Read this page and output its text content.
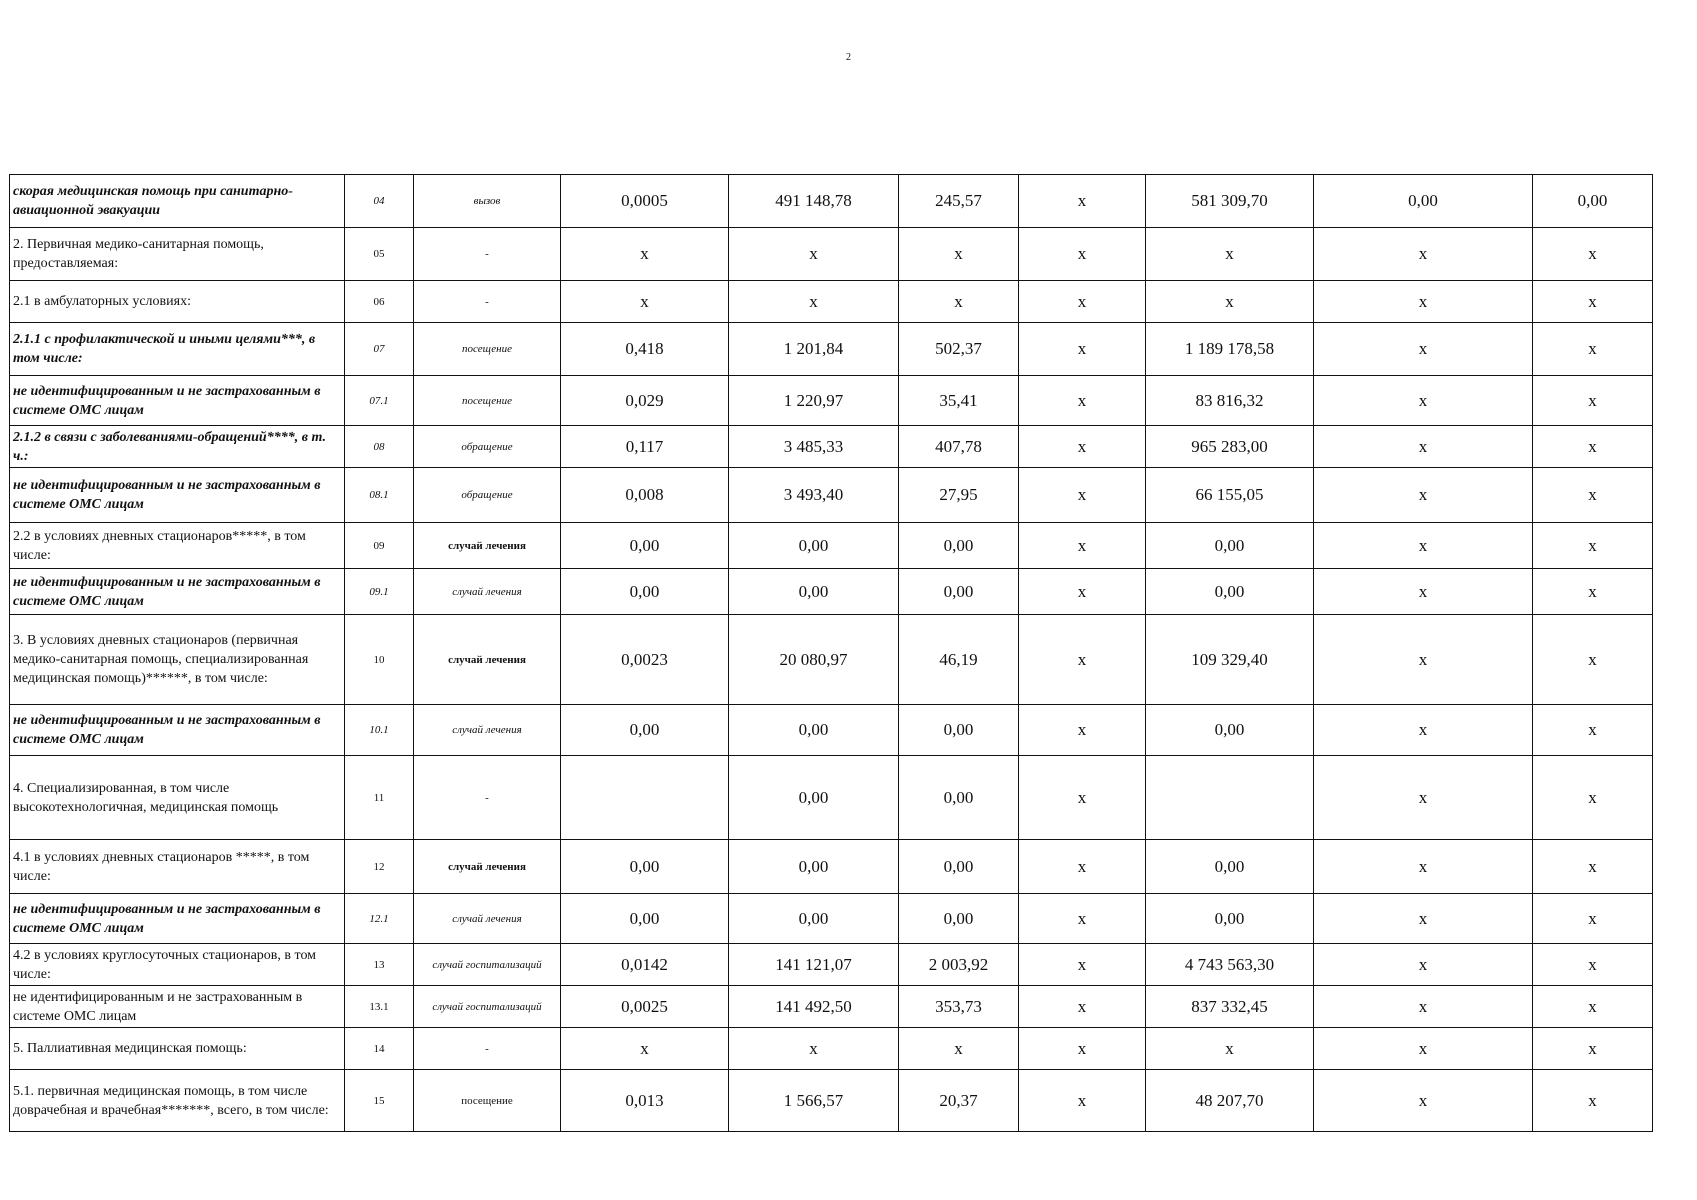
2
скорая медицинская помощь при санитарно-авиационной эвакуации	04	вызов	0,0005	491 148,78	245,57	х	581 309,70	0,00	0,00
2. Первичная медико-санитарная помощь, предоставляемая:	05	-	х	х	х	х	х	х	х
2.1 в амбулаторных условиях:	06	-	х	х	х	х	х	х	х
2.1.1 с профилактической и иными целями***, в том числе:	07	посещение	0,418	1 201,84	502,37	х	1 189 178,58	х	х
не идентифицированным и не застрахованным в системе ОМС лицам	07.1	посещение	0,029	1 220,97	35,41	х	83 816,32	х	х
2.1.2 в связи с заболеваниями-обращений****, в т. ч.:	08	обращение	0,117	3 485,33	407,78	х	965 283,00	х	х
не идентифицированным и не застрахованным в системе ОМС лицам	08.1	обращение	0,008	3 493,40	27,95	х	66 155,05	х	х
2.2 в условиях дневных стационаров*****, в том числе:	09	случай лечения	0,00	0,00	0,00	х	0,00	х	х
не идентифицированным и не застрахованным в системе ОМС лицам	09.1	случай лечения	0,00	0,00	0,00	х	0,00	х	х
3. В условиях дневных стационаров (первичная медико-санитарная помощь, специализированная медицинская помощь)******, в том числе:	10	случай лечения	0,0023	20 080,97	46,19	х	109 329,40	х	х
не идентифицированным и не застрахованным в системе ОМС лицам	10.1	случай лечения	0,00	0,00	0,00	х	0,00	х	х
4. Специализированная, в том числе высокотехнологичная, медицинская помощь	11	-		0,00	0,00	х		х	х
4.1 в условиях дневных стационаров *****, в том числе:	12	случай лечения	0,00	0,00	0,00	х	0,00	х	х
не идентифицированным и не застрахованным в системе ОМС лицам	12.1	случай лечения	0,00	0,00	0,00	х	0,00	х	х
4.2 в условиях круглосуточных стационаров, в том числе:	13	случай госпитализаций	0,0142	141 121,07	2 003,92	х	4 743 563,30	х	х
не идентифицированным и не застрахованным в системе ОМС лицам	13.1	случай госпитализаций	0,0025	141 492,50	353,73	х	837 332,45	х	х
5. Паллиативная медицинская помощь:	14	-	х	х	х	х	х	х	х
5.1. первичная медицинская помощь, в том числе доврачебная и врачебная*******, всего, в том числе:	15	посещение	0,013	1 566,57	20,37	х	48 207,70	х	х
